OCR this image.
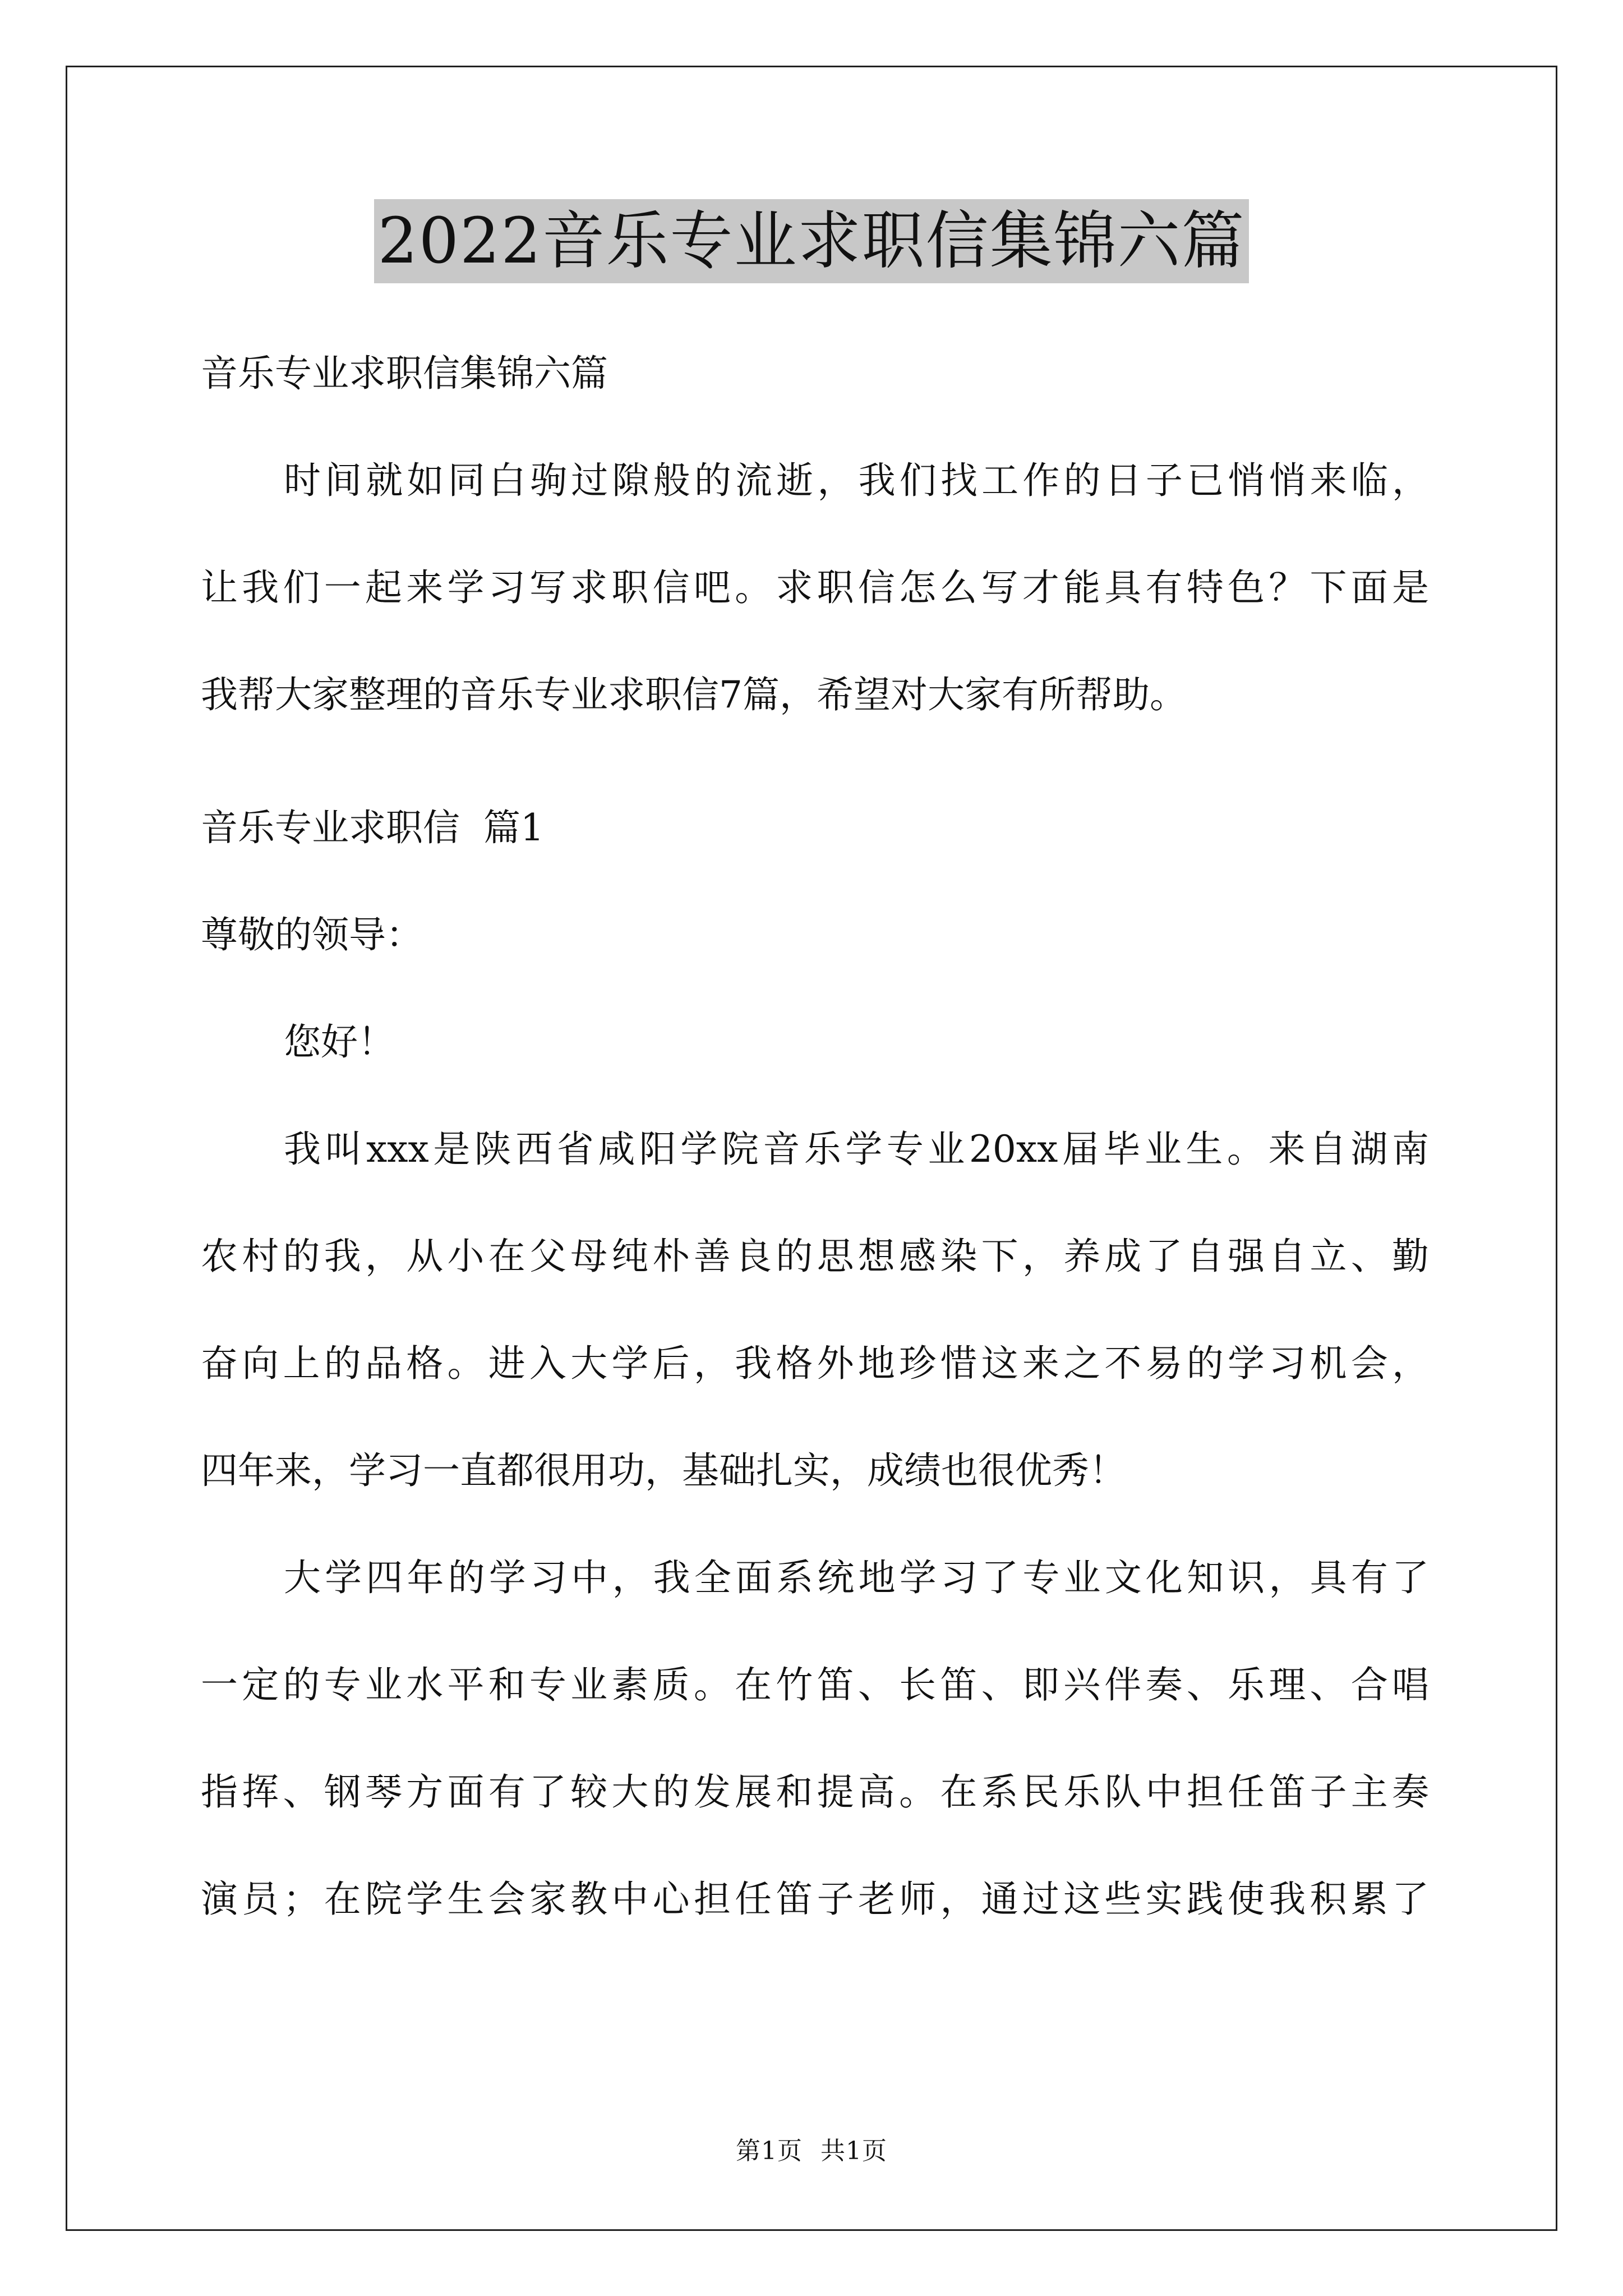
2022音乐专业求职信集锦六篇
音乐专业求职信集锦六篇
时间就如同白驹过隙般的流逝，我们找工作的日子已悄悄来临，
让我们一起来学习写求职信吧。求职信怎么写才能具有特色？下面是
我帮大家整理的音乐专业求职信7篇，希望对大家有所帮助。
音乐专业求职信  篇1
尊敬的领导：
您好！
我叫xxx是陕西省咸阳学院音乐学专业20xx届毕业生。来自湖南
农村的我，从小在父母纯朴善良的思想感染下，养成了自强自立、勤
奋向上的品格。进入大学后，我格外地珍惜这来之不易的学习机会，
四年来，学习一直都很用功，基础扎实，成绩也很优秀！
大学四年的学习中，我全面系统地学习了专业文化知识，具有了
一定的专业水平和专业素质。在竹笛、长笛、即兴伴奏、乐理、合唱
指挥、钢琴方面有了较大的发展和提高。在系民乐队中担任笛子主奏
演员；在院学生会家教中心担任笛子老师，通过这些实践使我积累了
第1页 共1页
